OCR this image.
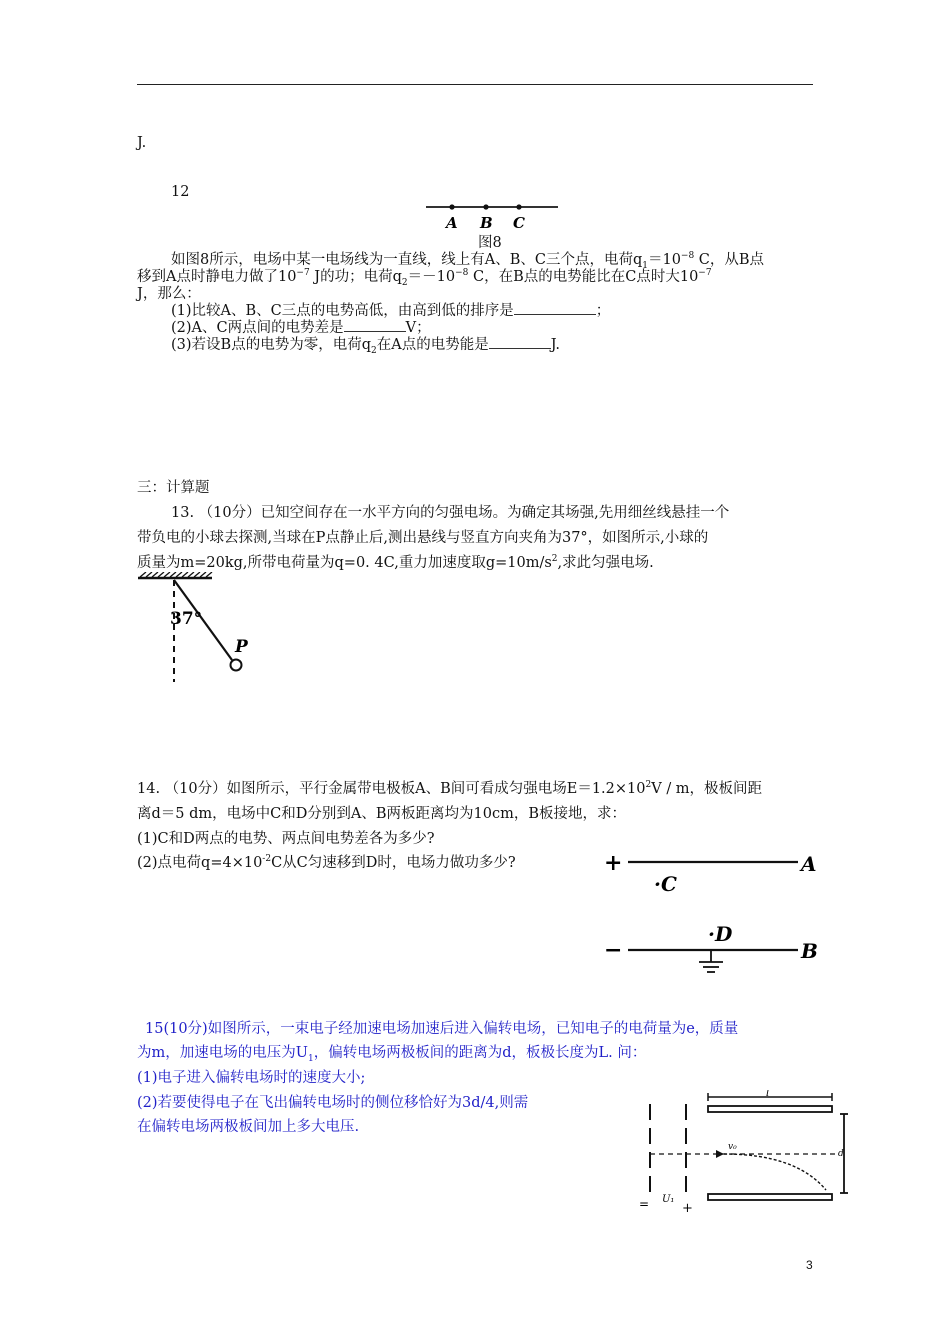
J.
12
A B C
图8
如图8所示，电场中某一电场线为一直线，线上有A、B、C三个点，电荷$q_1=10^{-8}$ C，从B点
移到A点时静电力做了$10^{-7}$ J的功；电荷$q_2=-10^{-8}$ C，在B点的电势能比在C点时大$10^{-7}$
J，那么：
(1)比较A、B、C三点的电势高低，由高到低的排序是	；
(2)A、C两点间的电势差是	V；
(3)若设B点的电势为零，电荷$q_2$在A点的电势能是	J.
三：计算题
13. （10分）已知空间存在一水平方向的匀强电场。为确定其场强,先用细丝线悬挂一个
带负电的小球去探测,当球在P点静止后,测出悬线与竖直方向夹角为37°，如图所示,小球的
质量为m=20kg,所带电荷量为q=0. 4C,重力加速度取$g=10m/s^2$,求此匀强电场.
37°
P
14. （10分）如图所示，平行金属带电极板A、B间可看成匀强电场$E=1.2\times 10^2V / m$，极板间距
离d＝5 dm，电场中C和D分别到A、B两板距离均为10cm，B板接地，求：
(1)C和D两点的电势、两点间电势差各为多少?
(2)点电荷$q=4\times 10^{-2}C$从C匀速移到D时，电场力做功多少?	+	A
·C
·D
−	B
15(10分)如图所示，一束电子经加速电场加速后进入偏转电场，已知电子的电荷量为e，质量
为m，加速电场的电压为$U_1$，偏转电场两极板间的距离为d，板极长度为L. 问：
(1)电子进入偏转电场时的速度大小;
(2)若要使得电子在飞出偏转电场时的侧位移恰好为3d/4,则需
在偏转电场两极板间加上多大电压.
l
v₀
d
= U₁
+
3
